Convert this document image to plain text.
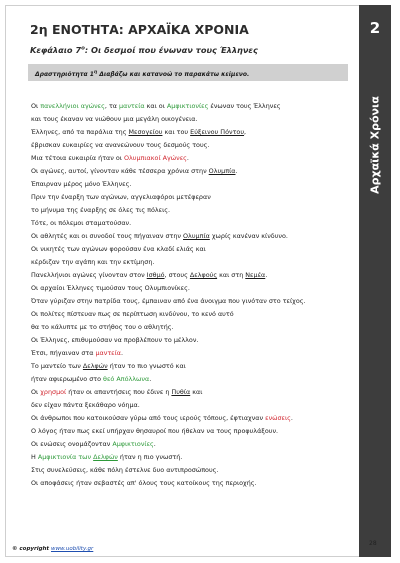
2
Αρχαϊκά Χρόνια
2η ΕΝΟΤΗΤΑ: ΑΡΧΑΪΚΑ ΧΡΟΝΙΑ
Κεφάλαιο $7^o$: Οι δεσμοί που ένωναν τους Έλληνες
Δραστηριότητα $1^\eta$ Διαβάζω και κατανοώ το παρακάτω κείμενο.
Οι πανελλήνιοι αγώνες, τα μαντεία και οι Αμφικτιονίες ένωναν τους Έλληνες
και τους έκαναν να νιώθουν μια μεγάλη οικογένεια.
Έλληνες, από τα παράλια της Μεσογείου και του Εύξεινου Πόντου,
έβρισκαν ευκαιρίες να ανανεώνουν τους δεσμούς τους.
Μια τέτοια ευκαιρία ήταν οι Ολυμπιακοί Αγώνες.
Οι αγώνες, αυτοί, γίνονταν κάθε τέσσερα χρόνια στην Ολυμπία.
Έπαιρναν μέρος μόνο Έλληνες.
Πριν την έναρξη των αγώνων, αγγελιαφόροι μετέφεραν
το μήνυμα της έναρξης σε όλες τις πόλεις.
Τότε, οι πόλεμοι σταματούσαν.
Οι αθλητές και οι συνοδοί τους πήγαιναν στην Ολυμπία χωρίς κανέναν κίνδυνο.
Οι νικητές των αγώνων φορούσαν ένα κλαδί ελιάς και
κέρδιζαν την αγάπη και την εκτίμηση.
Πανελλήνιοι αγώνες γίνονταν στον Ισθμό, στους Δελφούς και στη Νεμέα.
Οι αρχαίοι Έλληνες τιμούσαν τους Ολυμπιονίκες.
Όταν γύριζαν στην πατρίδα τους, έμπαιναν από ένα άνοιγμα που γινόταν στο τείχος.
Οι πολίτες πίστευαν πως σε περίπτωση κινδύνου, το κενό αυτό
θα το κάλυπτε με το στήθος του ο αθλητής.
Οι Έλληνες, επιθυμούσαν να προβλέπουν το μέλλον.
Έτσι, πήγαιναν στα μαντεία.
Το μαντείο των Δελφών ήταν το πιο γνωστό και
ήταν αφιερωμένο στο θεό Απόλλωνα.
Οι χρησμοί ήταν οι απαντήσεις που έδινε η Πυθία και
δεν είχαν πάντα ξεκάθαρο νόημα.
Οι άνθρωποι που κατοικούσαν γύρω από τους ιερούς τόπους, έφτιαχναν ενώσεις.
Ο λόγος ήταν πως εκεί υπήρχαν θησαυροί που ήθελαν να τους προφυλάξουν.
Οι ενώσεις ονομάζονταν Αμφικτιονίες.
Η Αμφικτιονία των Δελφών ήταν η πιο γνωστή.
Στις συνελεύσεις, κάθε πόλη έστελνε δυο αντιπροσώπους.
Οι αποφάσεις ήταν σεβαστές απ' όλους τους κατοίκους της περιοχής.
© copyright www.uobility.gr
28
